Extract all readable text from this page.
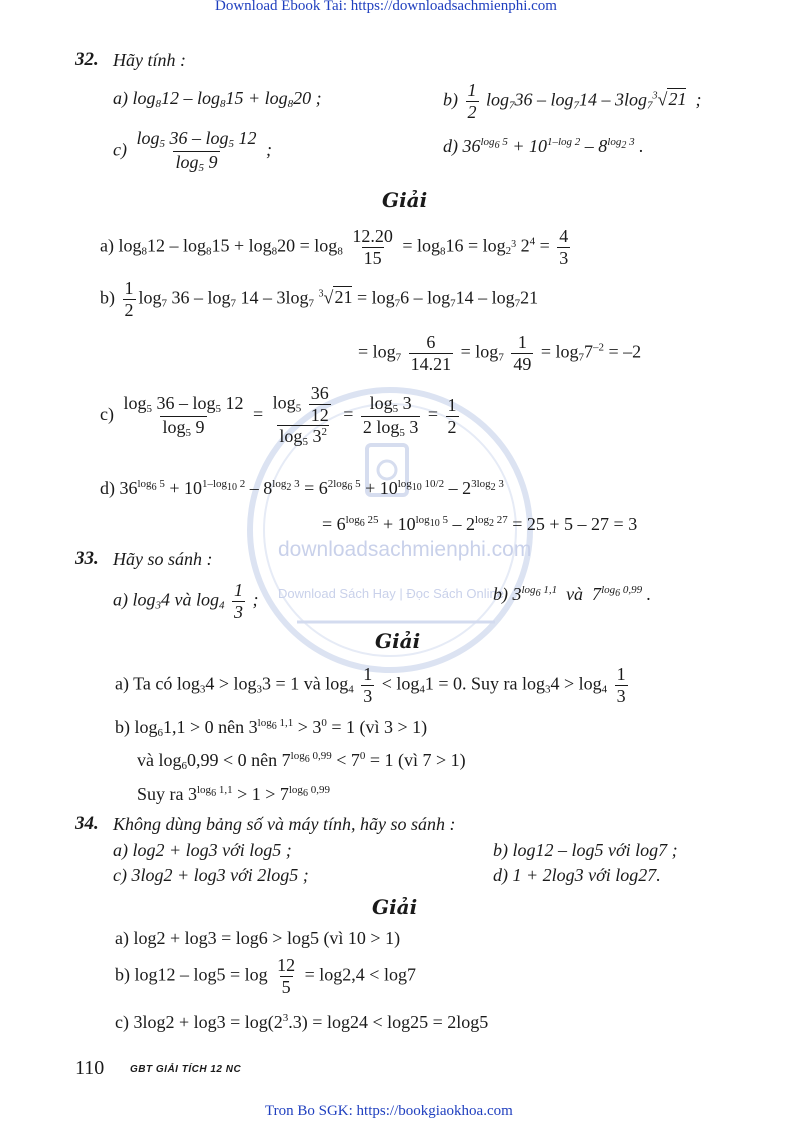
Download Ebook Tai: https://downloadsachmienphi.com
downloadsachmienphi.com
Download Sách Hay | Đọc Sách Online
32. Hãy tính :
a) $\log_812 - \log_815 + \log_820$ ;	$b) \frac{1}{2} \log_736 - \log_714 - 3\log_7^3√21$  ;
$c) \frac{\log_5 36 - \log_5 12}{\log_5 9}$ ;	d) $36^{log_6 5} + 10^{1-log 2} - 8^{log_2 3}$ .
Giải
a) $\log_812 - \log_815 + \log_820 = \log_8 \frac{12.20}{15} = \log_816 = \log_{2^3} 2^4 = \frac{4}{3}$
$b) \frac{1}{2} \log_7 36 - \log_7 14 - 3\log_7$ $^3√21 = \log_76 - \log_714 - \log_721$
= $\log_7 \frac{6}{14.21} = \log_7 \frac{1}{49} = \log_77^{-2} = -2$
$c) \frac{\log_5 36 - \log_5 12}{\log_5 9} = \frac{\log_5 \frac{36}{12}}{\log_5 3^2} = \frac{\log_5 3}{2 \log_5 3} = \frac{1}{2}$
d) $36^{log_6 5} + 10^{1-log_{10} 2} - 8^{log_2 3} = 6^{2log_6 5} + 10^{log_{10} 10/2} - 2^{3log_2 3}$
= $6^{log_6 25} + 10^{log_{10} 5} - 2^{log_2 27} = 25 + 5 - 27 = 3$
33. Hãy so sánh :
a) $\log_34$ và $\log_4 \frac{1}{3}$ ;	b) $3^{log_6 1,1}$  và  $7^{log_6 0,99}$ .
Giải
a) Ta có $\log_34 > \log_33 = 1$ và $\log_4 \frac{1}{3} < \log_41 = 0$. Suy ra $\log_34 > \log_4 \frac{1}{3}$
b) $\log_61,1 > 0$ nên $3^{log_6 1,1} > 3^0 = 1$ (vì 3 > 1)
và $\log_60,99 < 0$ nên $7^{log_6 0,99} < 7^0 = 1$ (vì 7 > 1)
Suy ra $3^{log_6 1,1} > 1 > 7^{log_6 0,99}$
34. Không dùng bảng số và máy tính, hãy so sánh :
a) log2 + log3 với log5 ;	b) log12 – log5 với log7 ;
c) 3log2 + log3 với 2log5 ;	d) 1 + 2log3 với log27.
Giải
a) log2 + log3 = log6 > log5 (vì 10 > 1)
b) $\log 12 - \log 5 = \log \frac{12}{5} = \log 2,4 < \log 7$
c) $3\log 2 + \log 3 = \log(2^3.3) = \log 24 < \log 25 = 2\log 5$
110	GBT GIẢI TÍCH 12 NC
Tron Bo SGK: https://bookgiaokhoa.com
